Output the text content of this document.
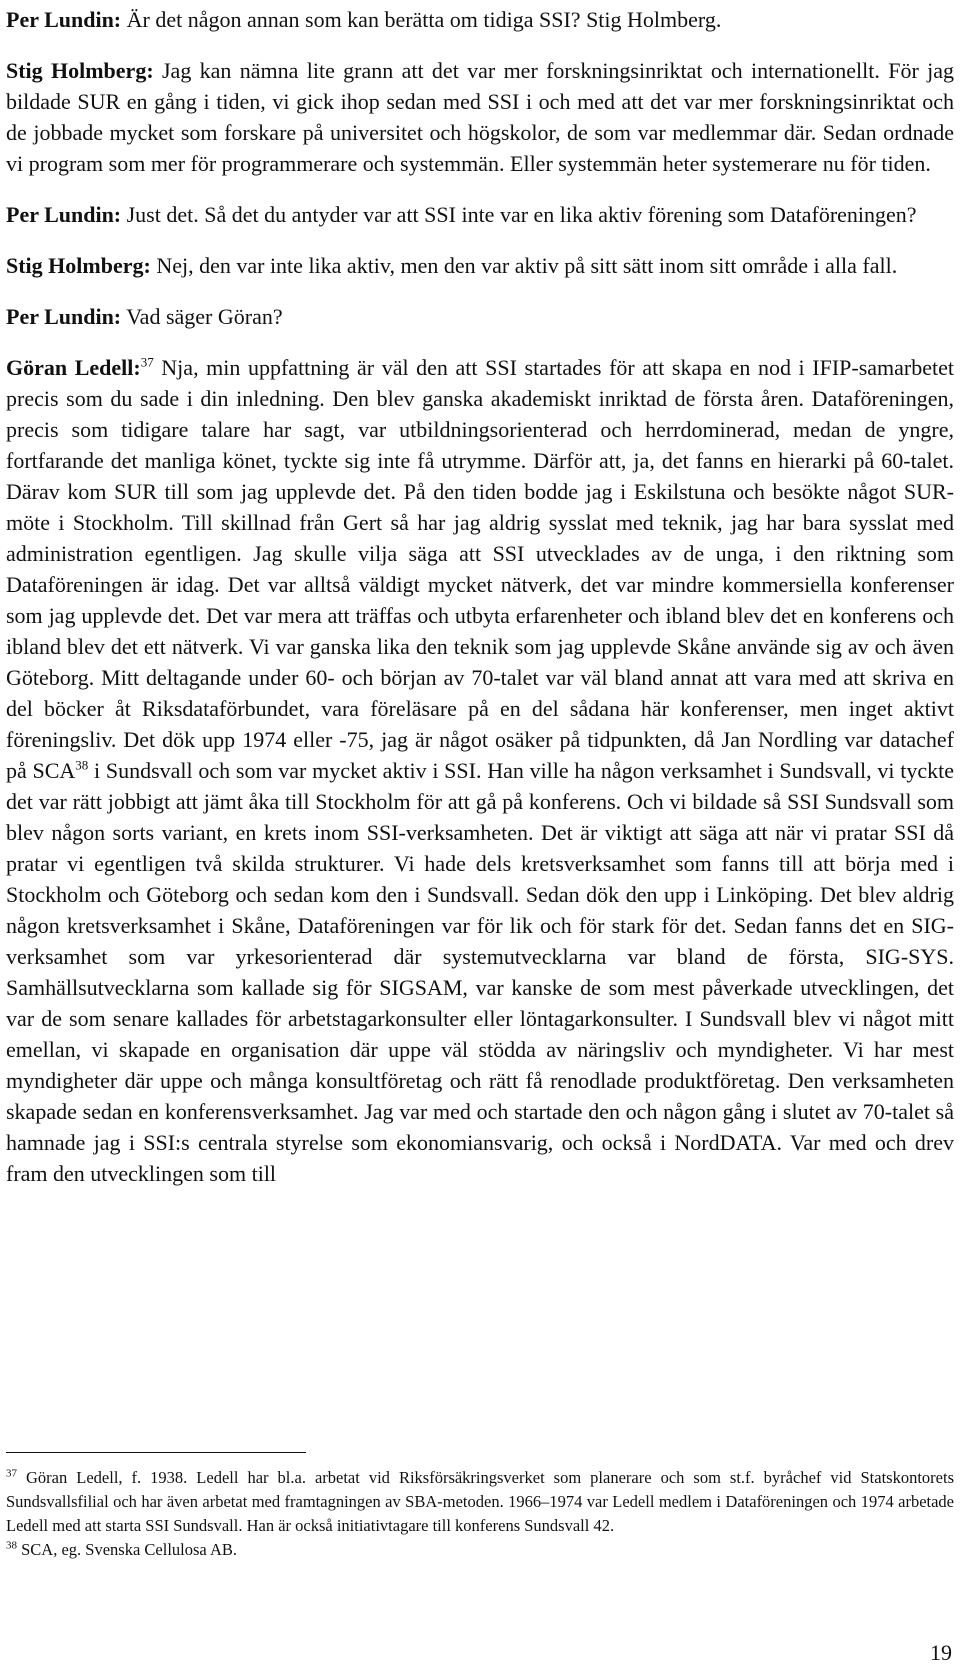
Per Lundin: Är det någon annan som kan berätta om tidiga SSI? Stig Holmberg.

Stig Holmberg: Jag kan nämna lite grann att det var mer forskningsinriktat och internationellt. För jag bildade SUR en gång i tiden, vi gick ihop sedan med SSI i och med att det var mer forskningsinriktat och de jobbade mycket som forskare på universitet och högskolor, de som var medlemmar där. Sedan ordnade vi program som mer för programmerare och systemmän. Eller systemmän heter systemerare nu för tiden.

Per Lundin: Just det. Så det du antyder var att SSI inte var en lika aktiv förening som Dataföreningen?

Stig Holmberg: Nej, den var inte lika aktiv, men den var aktiv på sitt sätt inom sitt område i alla fall.

Per Lundin: Vad säger Göran?

Göran Ledell:$^{37}$ Nja, min uppfattning är väl den att SSI startades för att skapa en nod i IFIP-samarbetet precis som du sade i din inledning. Den blev ganska akademiskt inriktad de första åren. Dataföreningen, precis som tidigare talare har sagt, var utbildningsorienterad och herrdominerad, medan de yngre, fortfarande det manliga könet, tyckte sig inte få utrymme. Därför att, ja, det fanns en hierarki på 60-talet. Därav kom SUR till som jag upplevde det. På den tiden bodde jag i Eskilstuna och besökte något SUR-möte i Stockholm. Till skillnad från Gert så har jag aldrig sysslat med teknik, jag har bara sysslat med administration egentligen. Jag skulle vilja säga att SSI utvecklades av de unga, i den riktning som Dataföreningen är idag. Det var alltså väldigt mycket nätverk, det var mindre kommersiella konferenser som jag upplevde det. Det var mera att träffas och utbyta erfarenheter och ibland blev det en konferens och ibland blev det ett nätverk. Vi var ganska lika den teknik som jag upplevde Skåne använde sig av och även Göteborg. Mitt deltagande under 60- och början av 70-talet var väl bland annat att vara med att skriva en del böcker åt Riksdataförbundet, vara föreläsare på en del sådana här konferenser, men inget aktivt föreningsliv. Det dök upp 1974 eller -75, jag är något osäker på tidpunkten, då Jan Nordling var datachef på SCA$^{38}$ i Sundsvall och som var mycket aktiv i SSI. Han ville ha någon verksamhet i Sundsvall, vi tyckte det var rätt jobbigt att jämt åka till Stockholm för att gå på konferens. Och vi bildade så SSI Sundsvall som blev någon sorts variant, en krets inom SSI-verksamheten. Det är viktigt att säga att när vi pratar SSI då pratar vi egentligen två skilda strukturer. Vi hade dels kretsverksamhet som fanns till att börja med i Stockholm och Göteborg och sedan kom den i Sundsvall. Sedan dök den upp i Linköping. Det blev aldrig någon kretsverksamhet i Skåne, Dataföreningen var för lik och för stark för det. Sedan fanns det en SIG-verksamhet som var yrkesorienterad där systemutvecklarna var bland de första, SIG-SYS. Samhällsutvecklarna som kallade sig för SIGSAM, var kanske de som mest påverkade utvecklingen, det var de som senare kallades för arbetstagarkonsulter eller löntagarkonsulter. I Sundsvall blev vi något mitt emellan, vi skapade en organisation där uppe väl stödda av näringsliv och myndigheter. Vi har mest myndigheter där uppe och många konsultföretag och rätt få renodlade produktföretag. Den verksamheten skapade sedan en konferensverksamhet. Jag var med och startade den och någon gång i slutet av 70-talet så hamnade jag i SSI:s centrala styrelse som ekonomiansvarig, och också i NordDATA. Var med och drev fram den utvecklingen som till

$^{37}$ Göran Ledell, f. 1938. Ledell har bl.a. arbetat vid Riksförsäkringsverket som planerare och som st.f. byråchef vid Statskontorets Sundsvallsfilial och har även arbetat med framtagningen av SBA-metoden. 1966–1974 var Ledell medlem i Dataföreningen och 1974 arbetade Ledell med att starta SSI Sundsvall. Han är också initiativtagare till konferens Sundsvall 42.

$^{38}$ SCA, eg. Svenska Cellulosa AB.

19
